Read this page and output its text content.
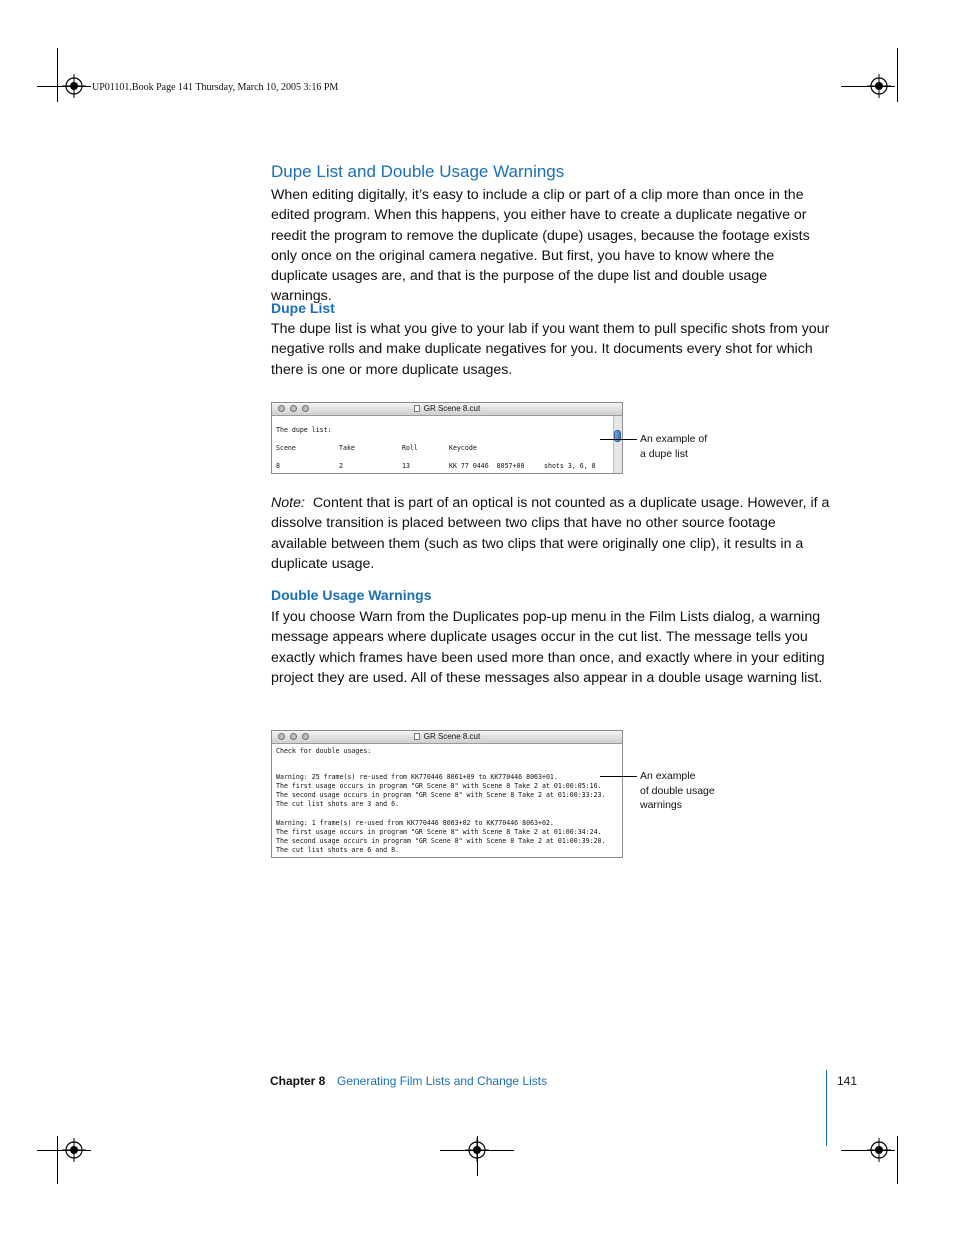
UP01101.Book Page 141 Thursday, March 10, 2005 3:16 PM
Dupe List and Double Usage Warnings

When editing digitally, it’s easy to include a clip or part of a clip more than once in the edited program. When this happens, you either have to create a duplicate negative or reedit the program to remove the duplicate (dupe) usages, because the footage exists only once on the original camera negative. But first, you have to know where the duplicate usages are, and that is the purpose of the dupe list and double usage warnings.

Dupe List

The dupe list is what you give to your lab if you want them to pull specific shots from your negative rolls and make duplicate negatives for you. It documents every shot for which there is one or more duplicate usages.

GR Scene 8.cut
The dupe list:
Scene	Take	Roll	Keycode
8	2	13	KK 77 0446  8057+00	shots 3, 6, 8
An example of
a dupe list

Note: Content that is part of an optical is not counted as a duplicate usage. However, if a dissolve transition is placed between two clips that have no other source footage available between them (such as two clips that were originally one clip), it results in a duplicate usage.

Double Usage Warnings

If you choose Warn from the Duplicates pop-up menu in the Film Lists dialog, a warning message appears where duplicate usages occur in the cut list. The message tells you exactly which frames have been used more than once, and exactly where in your editing project they are used. All of these messages also appear in a double usage warning list.

GR Scene 8.cut
Check for double usages:
Warning: 25 frame(s) re-used from KK770446 8061+09 to KK770446 8063+01.
The first usage occurs in program "GR Scene 8" with Scene 8 Take 2 at 01:00:05:16.
The second usage occurs in program "GR Scene 8" with Scene 8 Take 2 at 01:00:33:23.
The cut list shots are 3 and 6.
Warning: 1 frame(s) re-used from KK770446 8063+02 to KK770446 8063+02.
The first usage occurs in program "GR Scene 8" with Scene 8 Take 2 at 01:00:34:24.
The second usage occurs in program "GR Scene 8" with Scene 8 Take 2 at 01:00:39:20.
The cut list shots are 6 and 8.
An example
of double usage
warnings
Chapter 8 Generating Film Lists and Change Lists	141
